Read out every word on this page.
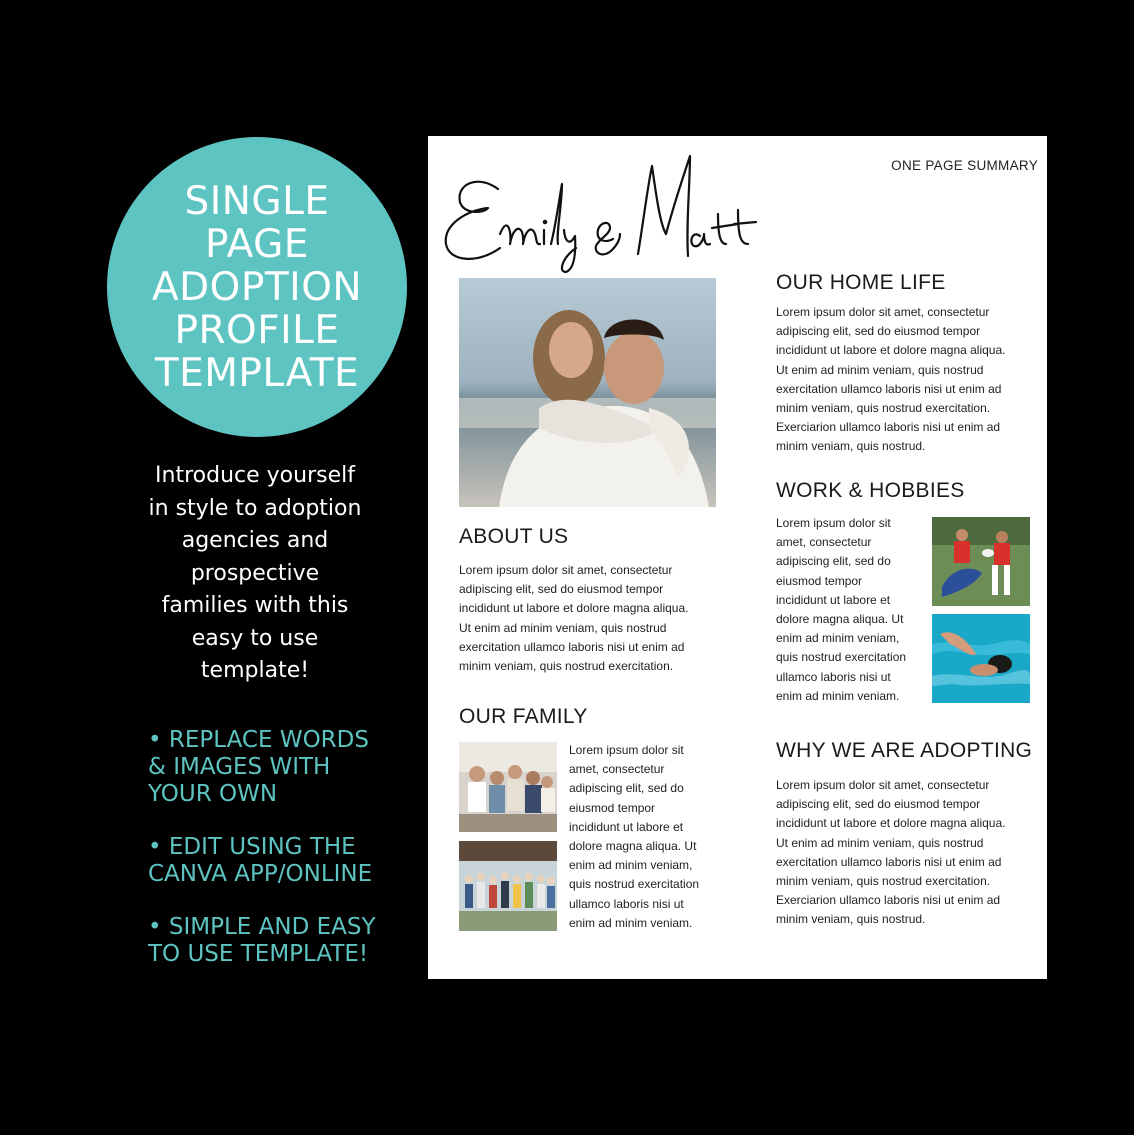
SINGLE
PAGE
ADOPTION
PROFILE
TEMPLATE
Introduce yourself
in style to adoption
agencies and
prospective
families with this
easy to use
template!
• REPLACE WORDS
& IMAGES WITH
YOUR OWN
• EDIT USING THE
CANVA APP/ONLINE
• SIMPLE AND EASY
TO USE TEMPLATE!
ONE PAGE SUMMARY
ABOUT US
Lorem ipsum dolor sit amet, consectetur
adipiscing elit, sed do eiusmod tempor
incididunt ut labore et dolore magna aliqua.
Ut enim ad minim veniam, quis nostrud
exercitation ullamco laboris nisi ut enim ad
minim veniam, quis nostrud exercitation.
OUR FAMILY
Lorem ipsum dolor sit
amet, consectetur
adipiscing elit, sed do
eiusmod tempor
incididunt ut labore et
dolore magna aliqua. Ut
enim ad minim veniam,
quis nostrud exercitation
ullamco laboris nisi ut
enim ad minim veniam.
OUR HOME LIFE
Lorem ipsum dolor sit amet, consectetur
adipiscing elit, sed do eiusmod tempor
incididunt ut labore et dolore magna aliqua.
Ut enim ad minim veniam, quis nostrud
exercitation ullamco laboris nisi ut enim ad
minim veniam, quis nostrud exercitation.
Exerciarion ullamco laboris nisi ut enim ad
minim veniam, quis nostrud.
WORK & HOBBIES
Lorem ipsum dolor sit
amet, consectetur
adipiscing elit, sed do
eiusmod tempor
incididunt ut labore et
dolore magna aliqua. Ut
enim ad minim veniam,
quis nostrud exercitation
ullamco laboris nisi ut
enim ad minim veniam.
WHY WE ARE ADOPTING
Lorem ipsum dolor sit amet, consectetur
adipiscing elit, sed do eiusmod tempor
incididunt ut labore et dolore magna aliqua.
Ut enim ad minim veniam, quis nostrud
exercitation ullamco laboris nisi ut enim ad
minim veniam, quis nostrud exercitation.
Exerciarion ullamco laboris nisi ut enim ad
minim veniam, quis nostrud.
